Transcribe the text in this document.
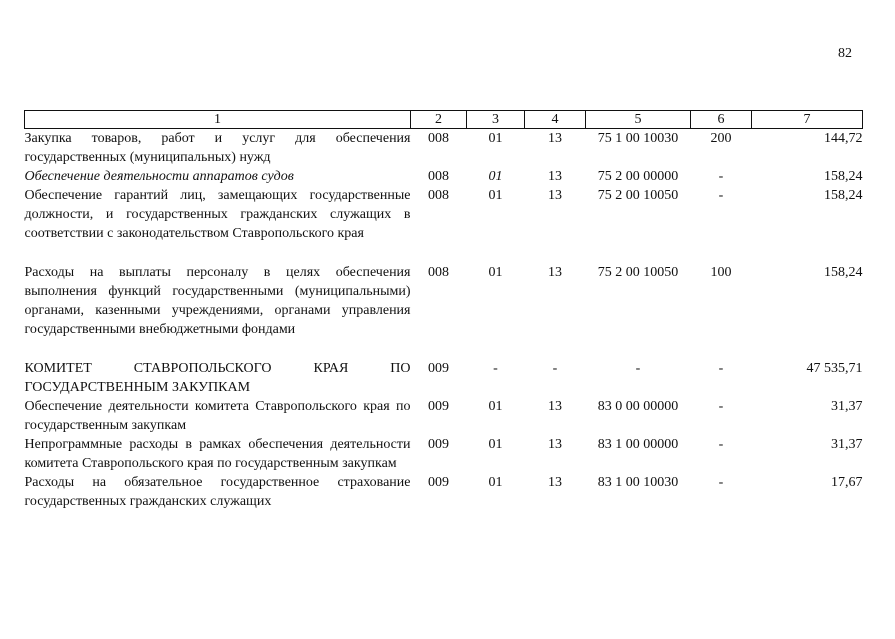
82
1	2	3	4	5	6	7
Закупка товаров, работ и услуг для обеспечения государственных (муниципальных) нужд	008	01	13	75 1 00 10030	200	144,72
Обеспечение деятельности аппаратов судов	008	01	13	75 2 00 00000	-	158,24
Обеспечение гарантий лиц, замещающих государственные должности, и государственных гражданских служащих в соответствии с законодательством Ставропольского края	008	01	13	75 2 00 10050	-	158,24
Расходы на выплаты персоналу в целях обеспечения выполнения функций государственными (муниципальными) органами, казенными учреждениями, органами управления государственными внебюджетными фондами	008	01	13	75 2 00 10050	100	158,24
КОМИТЕТ СТАВРОПОЛЬСКОГО КРАЯ ПО ГОСУДАРСТВЕННЫМ ЗАКУПКАМ	009	-	-	-	-	47 535,71
Обеспечение деятельности комитета Ставропольского края по государственным закупкам	009	01	13	83 0 00 00000	-	31,37
Непрограммные расходы в рамках обеспечения деятельности комитета Ставропольского края по государственным закупкам	009	01	13	83 1 00 00000	-	31,37
Расходы на обязательное государственное страхование государственных гражданских служащих	009	01	13	83 1 00 10030	-	17,67
